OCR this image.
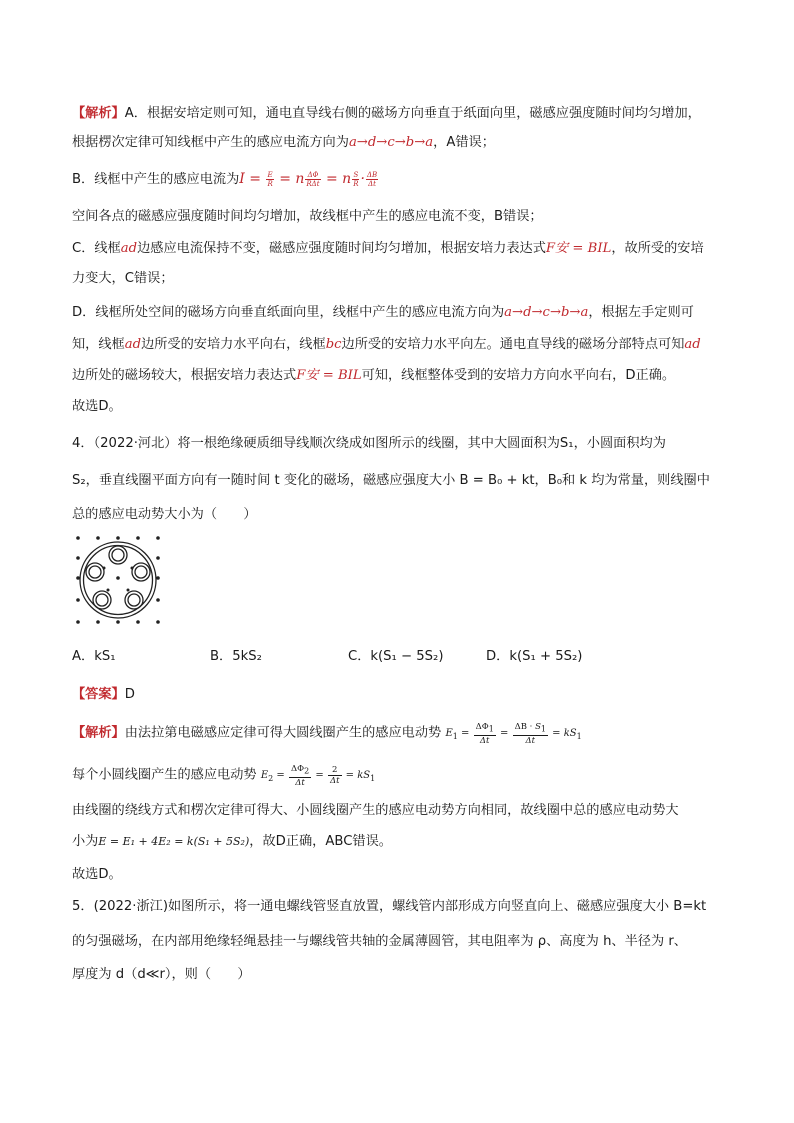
【解析】A．根据安培定则可知，通电直导线右侧的磁场方向垂直于纸面向里，磁感应强度随时间均匀增加，
根据楞次定律可知线框中产生的感应电流方向为a→d→c→b→a，A错误；
B．线框中产生的感应电流为$I = \frac{E}{R} = n$ ΔΦ
RΔt = n $\frac{S}{R} \cdot \frac{\Delta B}{\Delta t}$
空间各点的磁感应强度随时间均匀增加，故线框中产生的感应电流不变，B错误；
C．线框ad边感应电流保持不变，磁感应强度随时间均匀增加，根据安培力表达式F安 = BIL，故所受的安培
力变大，C错误；
D．线框所处空间的磁场方向垂直纸面向里，线框中产生的感应电流方向为a→d→c→b→a，根据左手定则可
知，线框ad边所受的安培力水平向右，线框bc边所受的安培力水平向左。通电直导线的磁场分部特点可知ad
边所处的磁场较大，根据安培力表达式F安 = BIL可知，线框整体受到的安培力方向水平向右，D正确。
故选D。
4．（2022·河北）将一根绝缘硬质细导线顺次绕成如图所示的线圈，其中大圆面积为S₁，小圆面积均为
S₂，垂直线圈平面方向有一随时间 t 变化的磁场，磁感应强度大小 B = B₀ + kt，B₀和 k 均为常量，则线圈中
总的感应电动势大小为（　　）
A．kS₁	B．5kS₂	C．k(S₁ − 5S₂)	D．k(S₁ + 5S₂)
【答案】D
【解析】由法拉第电磁感应定律可得大圆线圈产生的感应电动势 $E_1 = \frac{\Delta\Phi_1}{\Delta t} = \frac{\Delta B \cdot S_1}{\Delta t} = kS_1$
每个小圆线圈产生的感应电动势 $E_2 = \frac{\Delta\Phi_2}{\Delta t} = \frac{2}{\Delta t} = kS_1$
由线圈的绕线方式和楞次定律可得大、小圆线圈产生的感应电动势方向相同，故线圈中总的感应电动势大
小为E = E₁ + 4E₂ = k(S₁ + 5S₂)，故D正确，ABC错误。
故选D。
5．(2022·浙江)如图所示，将一通电螺线管竖直放置，螺线管内部形成方向竖直向上、磁感应强度大小 B=kt
的匀强磁场，在内部用绝缘轻绳悬挂一与螺线管共轴的金属薄圆管，其电阻率为 ρ、高度为 h、半径为 r、
厚度为 d（d≪r），则（　　）
